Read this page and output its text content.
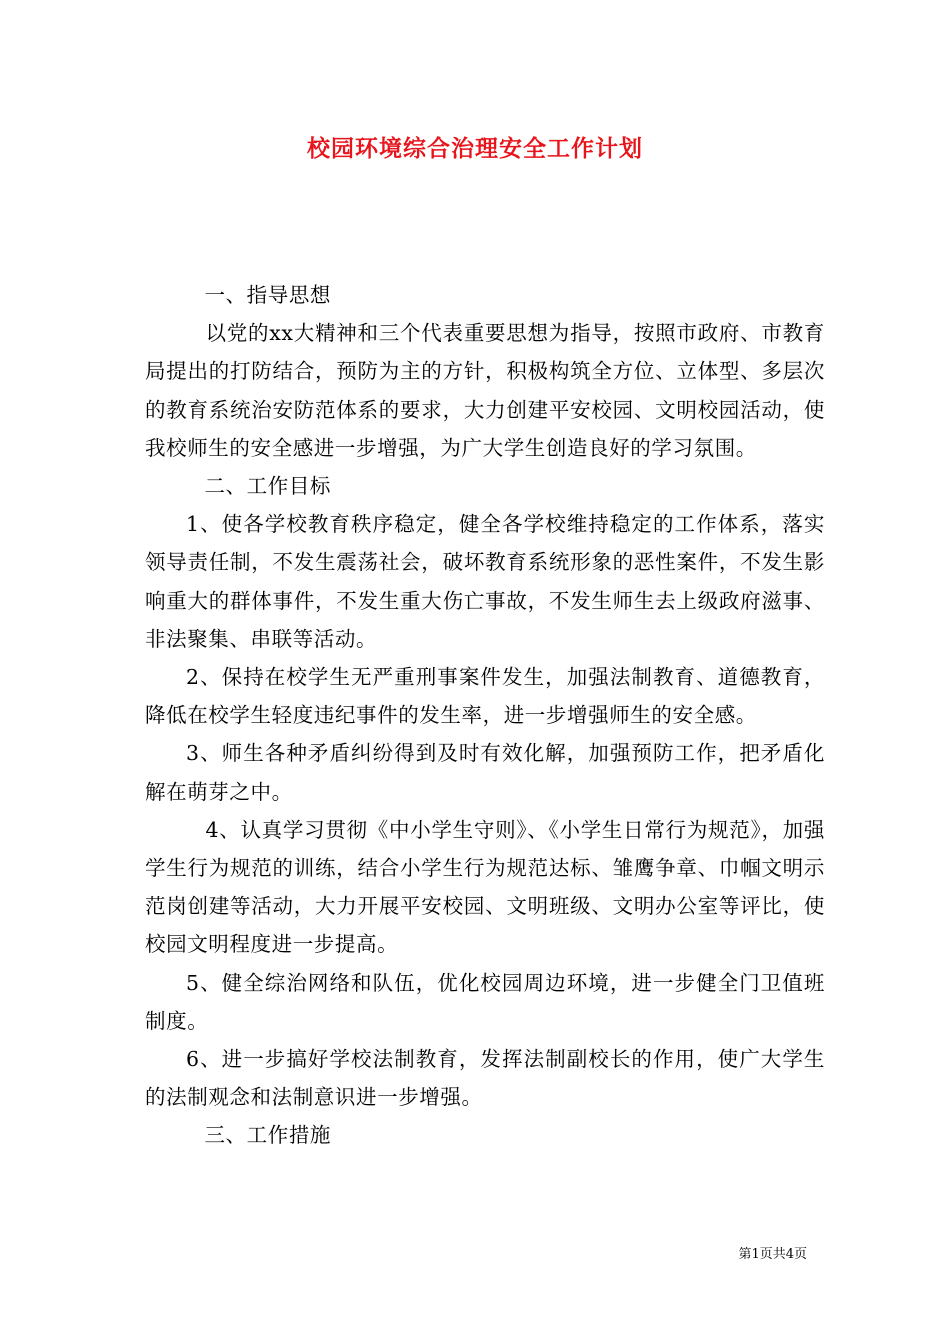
校园环境综合治理安全工作计划

一、指导思想

以党的xx大精神和三个代表重要思想为指导，按照市政府、市教育局提出的打防结合，预防为主的方针，积极构筑全方位、立体型、多层次的教育系统治安防范体系的要求，大力创建平安校园、文明校园活动，使我校师生的安全感进一步增强，为广大学生创造良好的学习氛围。

二、工作目标

1、使各学校教育秩序稳定，健全各学校维持稳定的工作体系，落实领导责任制，不发生震荡社会，破坏教育系统形象的恶性案件，不发生影响重大的群体事件，不发生重大伤亡事故，不发生师生去上级政府滋事、非法聚集、串联等活动。

2、保持在校学生无严重刑事案件发生，加强法制教育、道德教育，降低在校学生轻度违纪事件的发生率，进一步增强师生的安全感。

3、师生各种矛盾纠纷得到及时有效化解，加强预防工作，把矛盾化解在萌芽之中。

4、认真学习贯彻《中小学生守则》、《小学生日常行为规范》，加强学生行为规范的训练，结合小学生行为规范达标、雏鹰争章、巾帼文明示范岗创建等活动，大力开展平安校园、文明班级、文明办公室等评比，使校园文明程度进一步提高。

5、健全综治网络和队伍，优化校园周边环境，进一步健全门卫值班制度。

6、进一步搞好学校法制教育，发挥法制副校长的作用，使广大学生的法制观念和法制意识进一步增强。

三、工作措施

第1页共4页
